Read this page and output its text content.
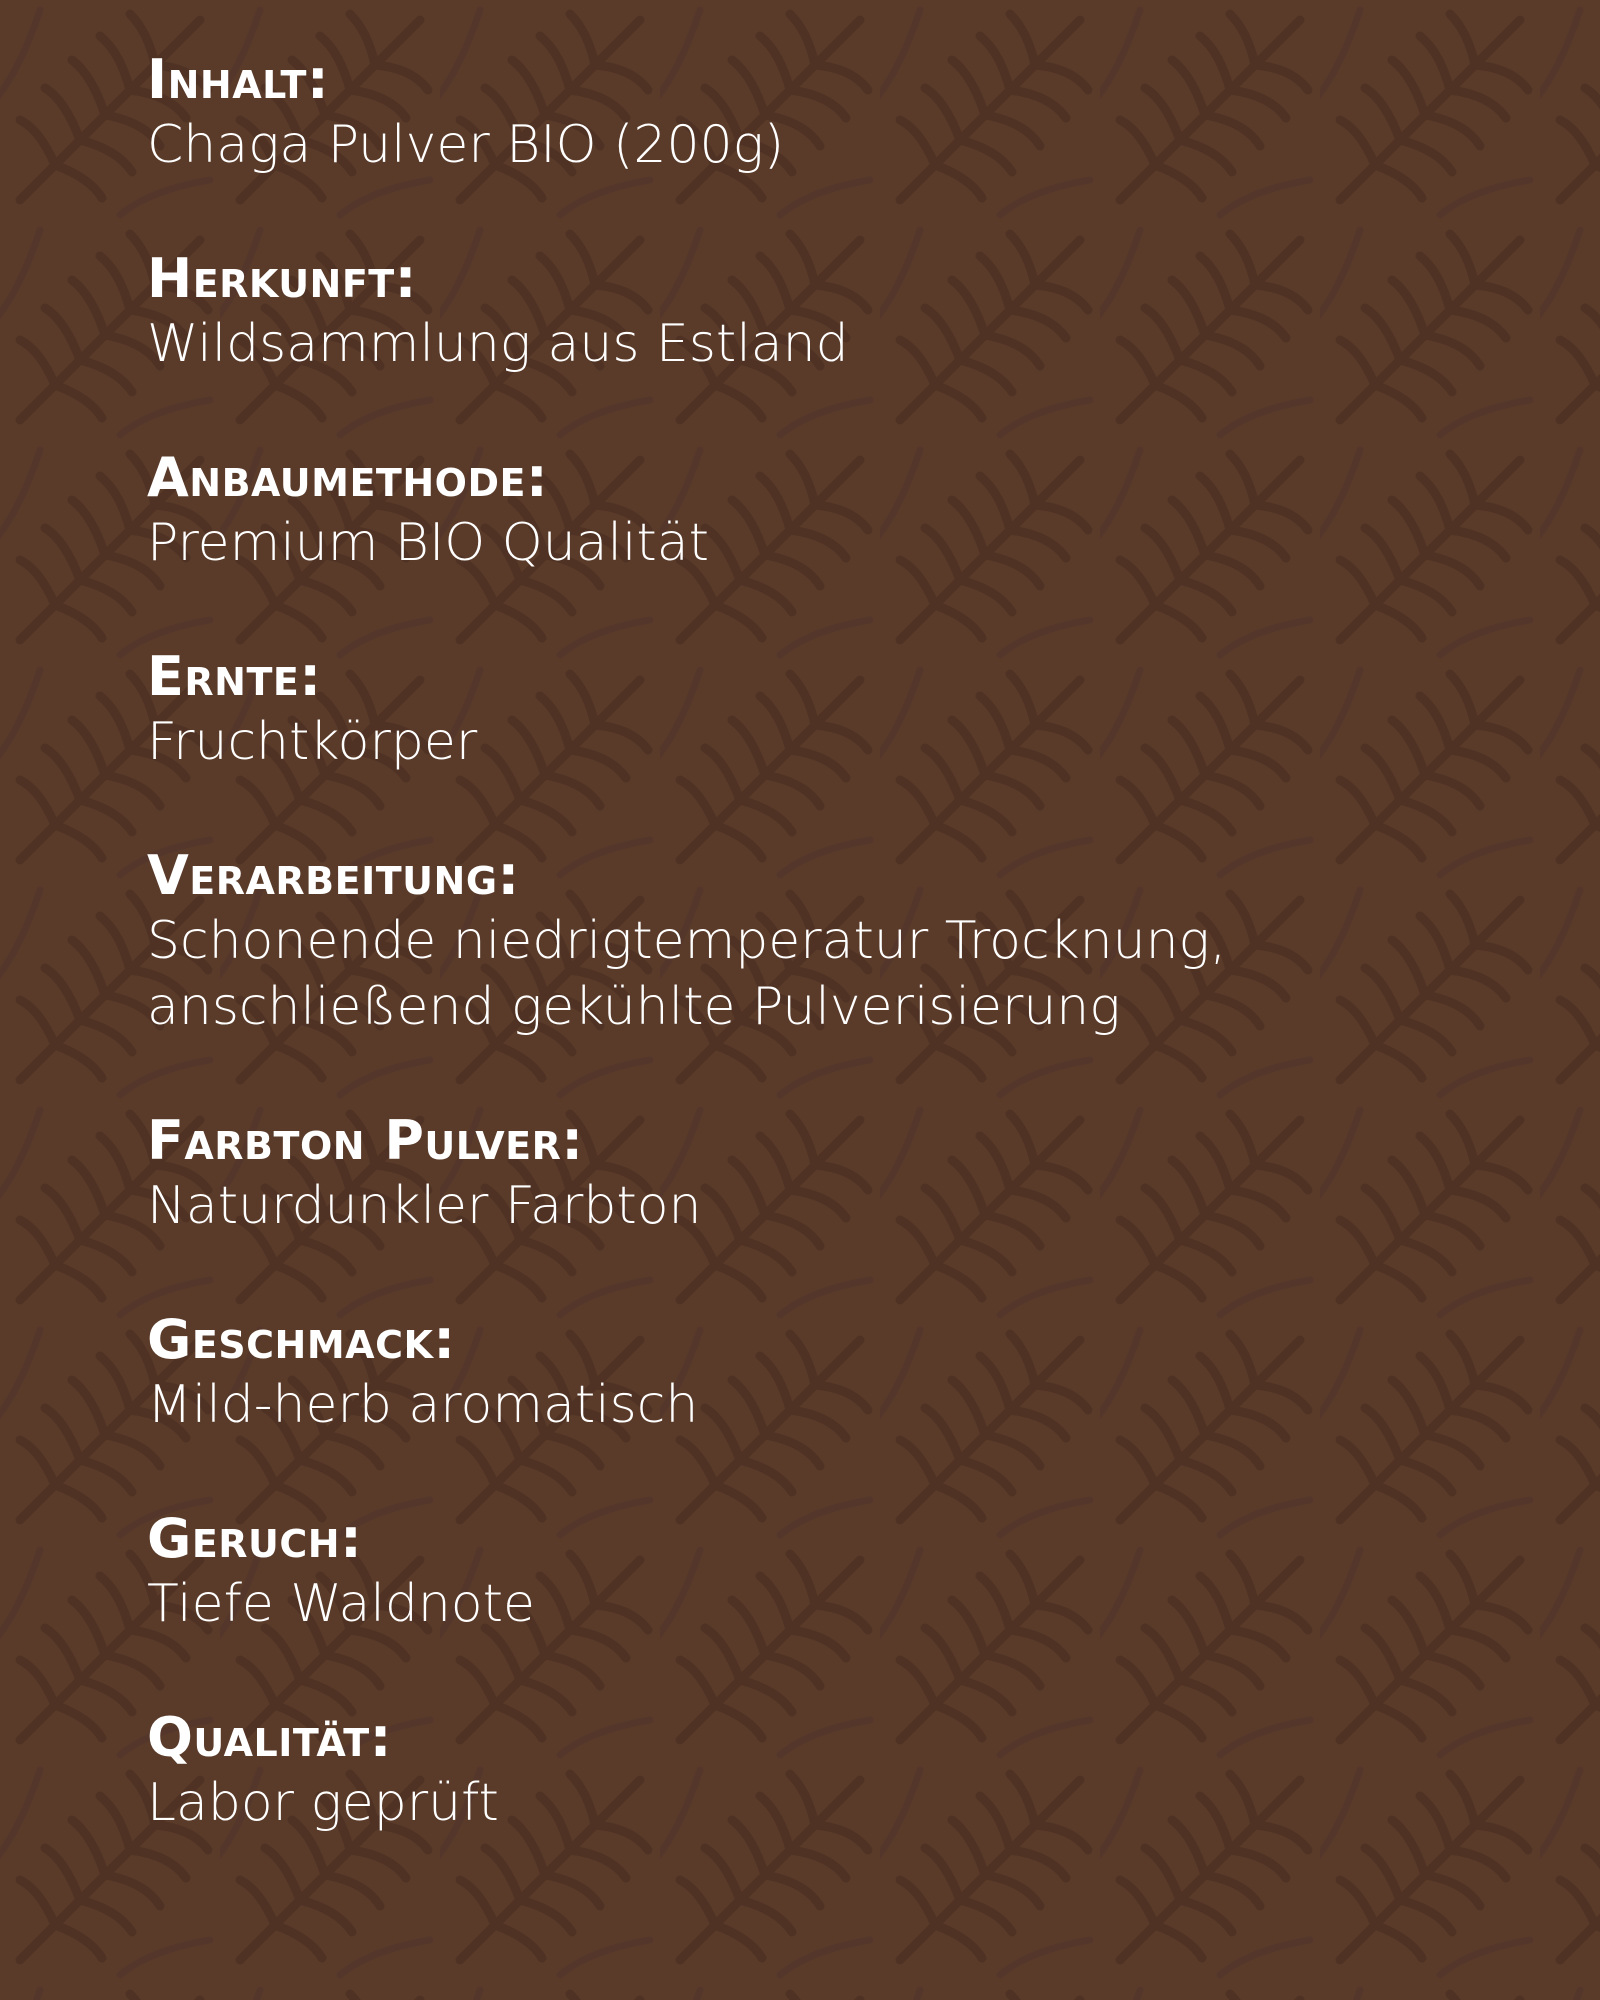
Inhalt:
Chaga Pulver BIO (200g)
Herkunft:
Wildsammlung aus Estland
Anbaumethode:
Premium BIO Qualität
Ernte:
Fruchtkörper
Verarbeitung:
Schonende niedrigtemperatur Trocknung,
anschließend gekühlte Pulverisierung
Farbton Pulver:
Naturdunkler Farbton
Geschmack:
Mild-herb aromatisch
Geruch:
Tiefe Waldnote
Qualität:
Labor geprüft
